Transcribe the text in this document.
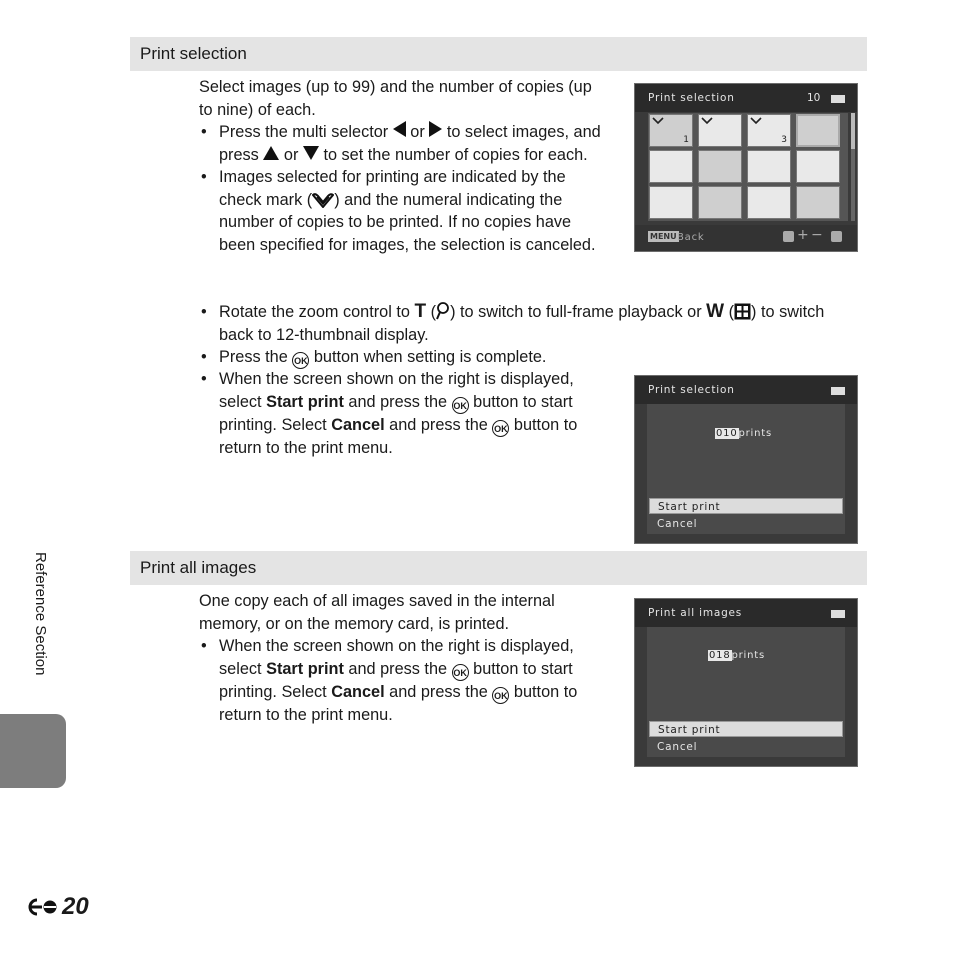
Print selection

Select images (up to 99) and the number of copies (up to nine) of each.

• Press the multi selector or to select images, and press or to set the number of copies for each.
• Images selected for printing are indicated by the check mark ( ) and the numeral indicating the number of copies to be printed. If no copies have been specified for images, the selection is canceled.
• Rotate the zoom control to T ( ) to switch to full-frame playback or W ( ) to switch back to 12-thumbnail display.
• Press the OK button when setting is complete.
• When the screen shown on the right is displayed, select Start print and press the OK button to start printing. Select Cancel and press the OK button to return to the print menu.
Print selection	10
1	3
MENU Back	+ −
Print selection
010prints
Start print
Cancel
Print all images

One copy each of all images saved in the internal memory, or on the memory card, is printed.

• When the screen shown on the right is displayed, select Start print and press the OK button to start printing. Select Cancel and press the OK button to return to the print menu.
Print all images
018prints
Start print
Cancel
Reference Section
20
